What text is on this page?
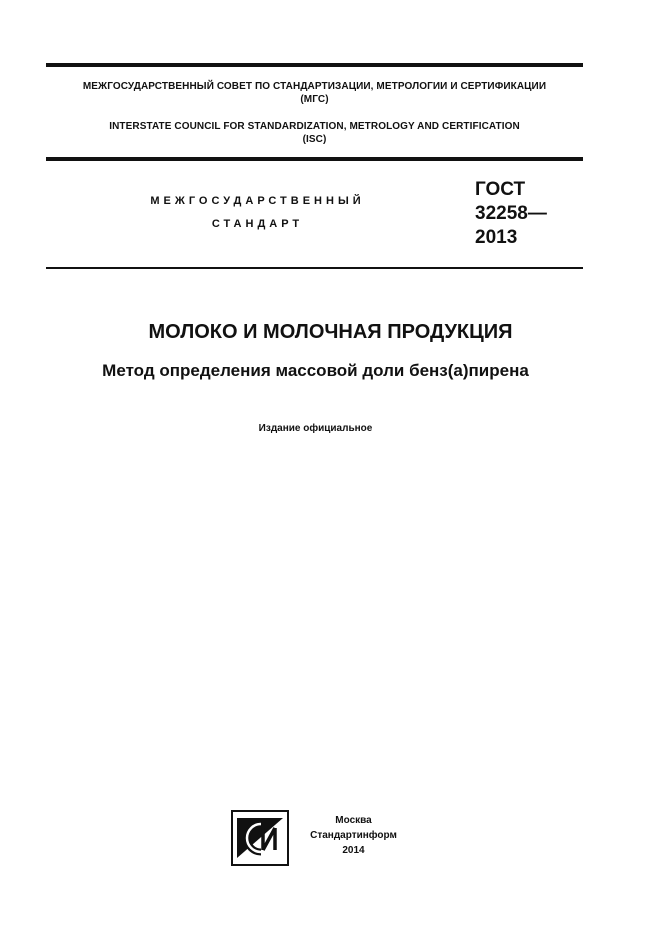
МЕЖГОСУДАРСТВЕННЫЙ СОВЕТ ПО СТАНДАРТИЗАЦИИ, МЕТРОЛОГИИ И СЕРТИФИКАЦИИ
(МГС)
INTERSTATE COUNCIL FOR STANDARDIZATION, METROLOGY AND CERTIFICATION
(ISC)
МЕЖГОСУДАРСТВЕННЫЙ
СТАНДАРТ
ГОСТ
32258—
2013
МОЛОКО И МОЛОЧНАЯ ПРОДУКЦИЯ
Метод определения массовой доли бенз(а)пирена
Издание официальное
Москва
Стандартинформ
2014
